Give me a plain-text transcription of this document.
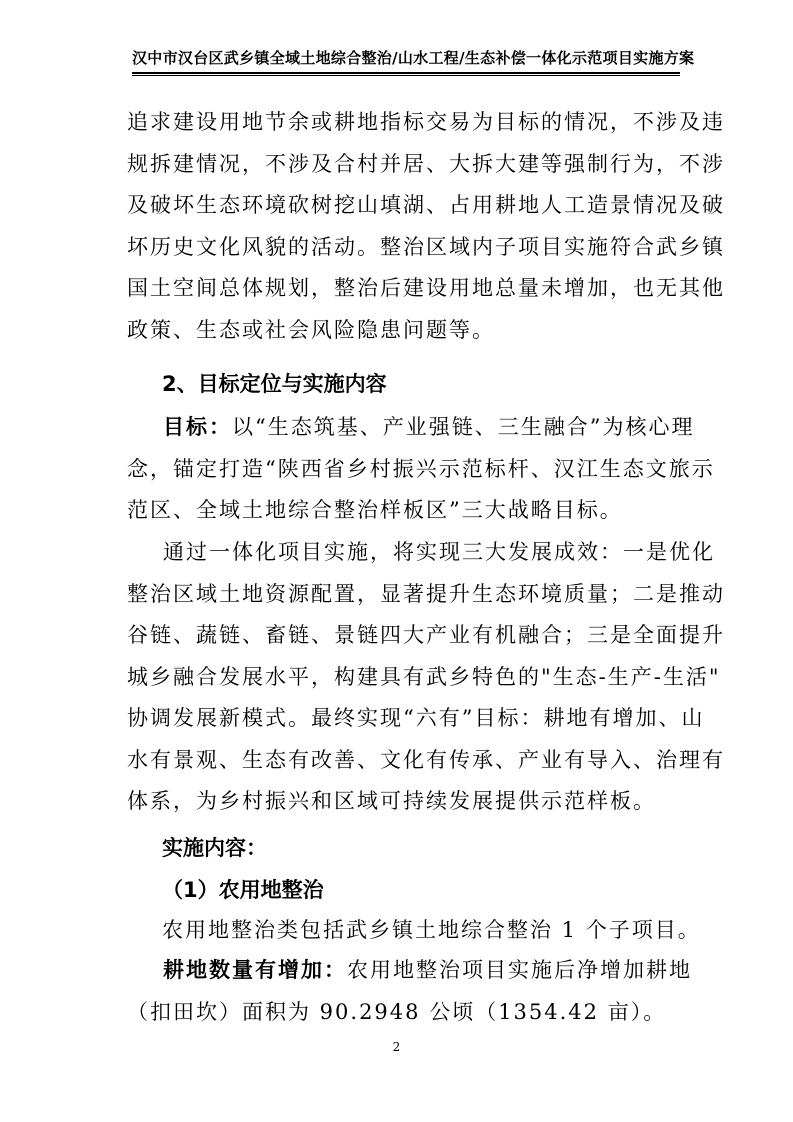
汉中市汉台区武乡镇全域土地综合整治/山水工程/生态补偿一体化示范项目实施方案
追求建设用地节余或耕地指标交易为目标的情况，不涉及违
规拆建情况，不涉及合村并居、大拆大建等强制行为，不涉
及破坏生态环境砍树挖山填湖、占用耕地人工造景情况及破
坏历史文化风貌的活动。整治区域内子项目实施符合武乡镇
国土空间总体规划，整治后建设用地总量未增加，也无其他
政策、生态或社会风险隐患问题等。
2、目标定位与实施内容
目标：以“生态筑基、产业强链、三生融合”为核心理
念，锚定打造“陕西省乡村振兴示范标杆、汉江生态文旅示
范区、全域土地综合整治样板区”三大战略目标。
通过一体化项目实施，将实现三大发展成效：一是优化
整治区域土地资源配置，显著提升生态环境质量；二是推动
谷链、蔬链、畜链、景链四大产业有机融合；三是全面提升
城乡融合发展水平，构建具有武乡特色的"生态-生产-生活"
协调发展新模式。最终实现“六有”目标：耕地有增加、山
水有景观、生态有改善、文化有传承、产业有导入、治理有
体系，为乡村振兴和区域可持续发展提供示范样板。
实施内容：
（1）农用地整治
农用地整治类包括武乡镇土地综合整治 1 个子项目。
耕地数量有增加：农用地整治项目实施后净增加耕地
（扣田坎）面积为 90.2948 公顷（1354.42 亩）。
2
